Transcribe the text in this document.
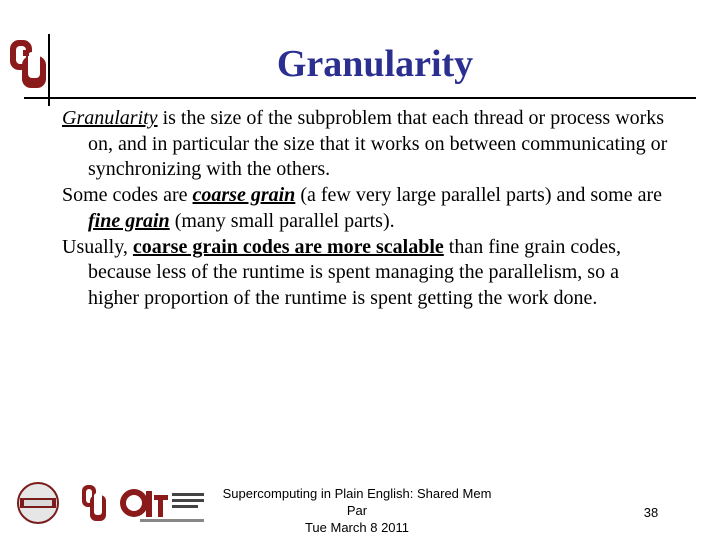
Granularity

Granularity is the size of the subproblem that each thread or process works on, and in particular the size that it works on between communicating or synchronizing with the others.

Some codes are coarse grain (a few very large parallel parts) and some are fine grain (many small parallel parts).

Usually, coarse grain codes are more scalable than fine grain codes, because less of the runtime is spent managing the parallelism, so a higher proportion of the runtime is spent getting the work done.

Supercomputing in Plain English: Shared Mem Par
Tue March 8 2011
38
